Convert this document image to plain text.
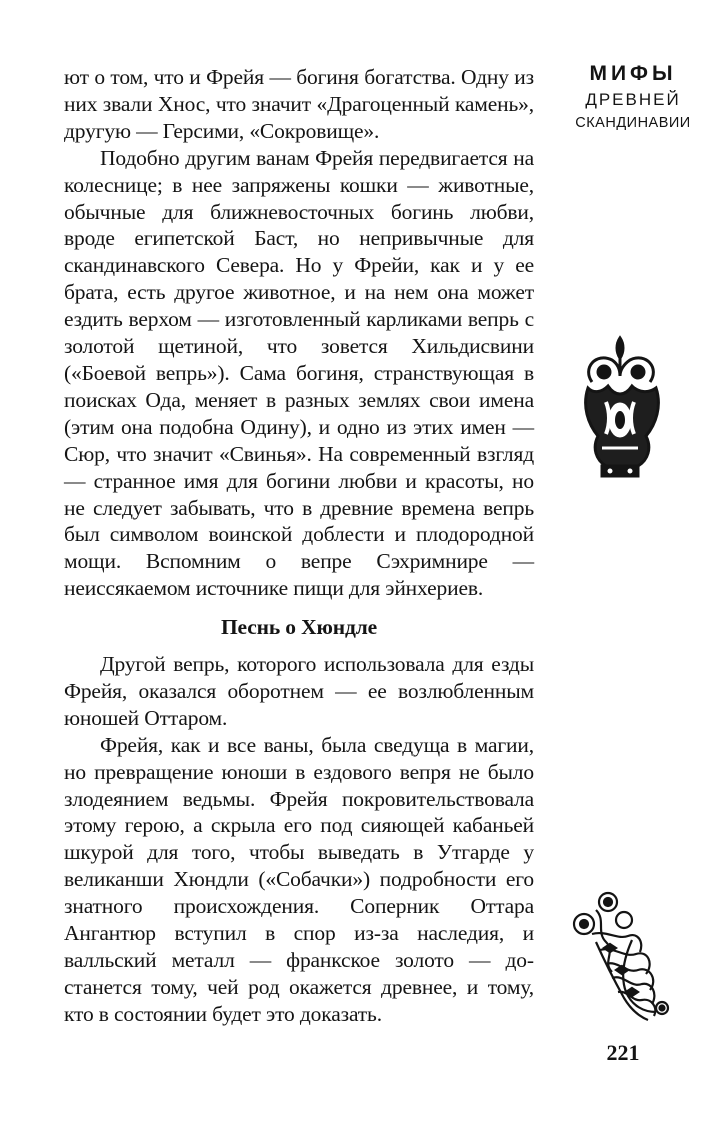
МИФЫ
ДРЕВНЕЙ
СКАНДИНАВИИ

ют о том, что и Фрейя — богиня богатства. Одну из них звали Хнос, что значит «Драгоценный камень», другую — Герсими, «Сокровище».

Подобно другим ванам Фрейя передвигается на колеснице; в нее запряжены кошки — животные, обычные для ближневосточных богинь любви, вроде египетской Баст, но непривычные для скандинавского Севера. Но у Фрейи, как и у ее брата, есть другое животное, и на нем она может ездить верхом — изготовленный карликами вепрь с золотой щетиной, что зовется Хильдисвини («Боевой вепрь»). Сама богиня, странствующая в поисках Ода, меняет в разных землях свои имена (этим она подобна Одину), и одно из этих имен — Сюр, что значит «Свинья». На современный взгляд — странное имя для богини любви и красоты, но не следует забывать, что в древние времена вепрь был символом воинской доблести и плодородной мощи. Вспомним о вепре Сэхримнире — неиссякаемом источнике пищи для эйнхериев.

Песнь о Хюндле

Другой вепрь, которого использовала для езды Фрейя, оказался оборотнем — ее возлюбленным юношей Оттаром.

Фрейя, как и все ваны, была сведуща в магии, но превращение юноши в ездового вепря не было злодеянием ведьмы. Фрейя покровительствовала этому герою, а скрыла его под сияющей кабаньей шкурой для того, чтобы выведать в Утгарде у великанши Хюндли («Собачки») подробности его знатного происхождения. Соперник Оттара Ангантюр вступил в спор из-за наследия, и валльский металл — франкское золото — достанется тому, чей род окажется древнее, и тому, кто в состоянии будет это доказать.

221
